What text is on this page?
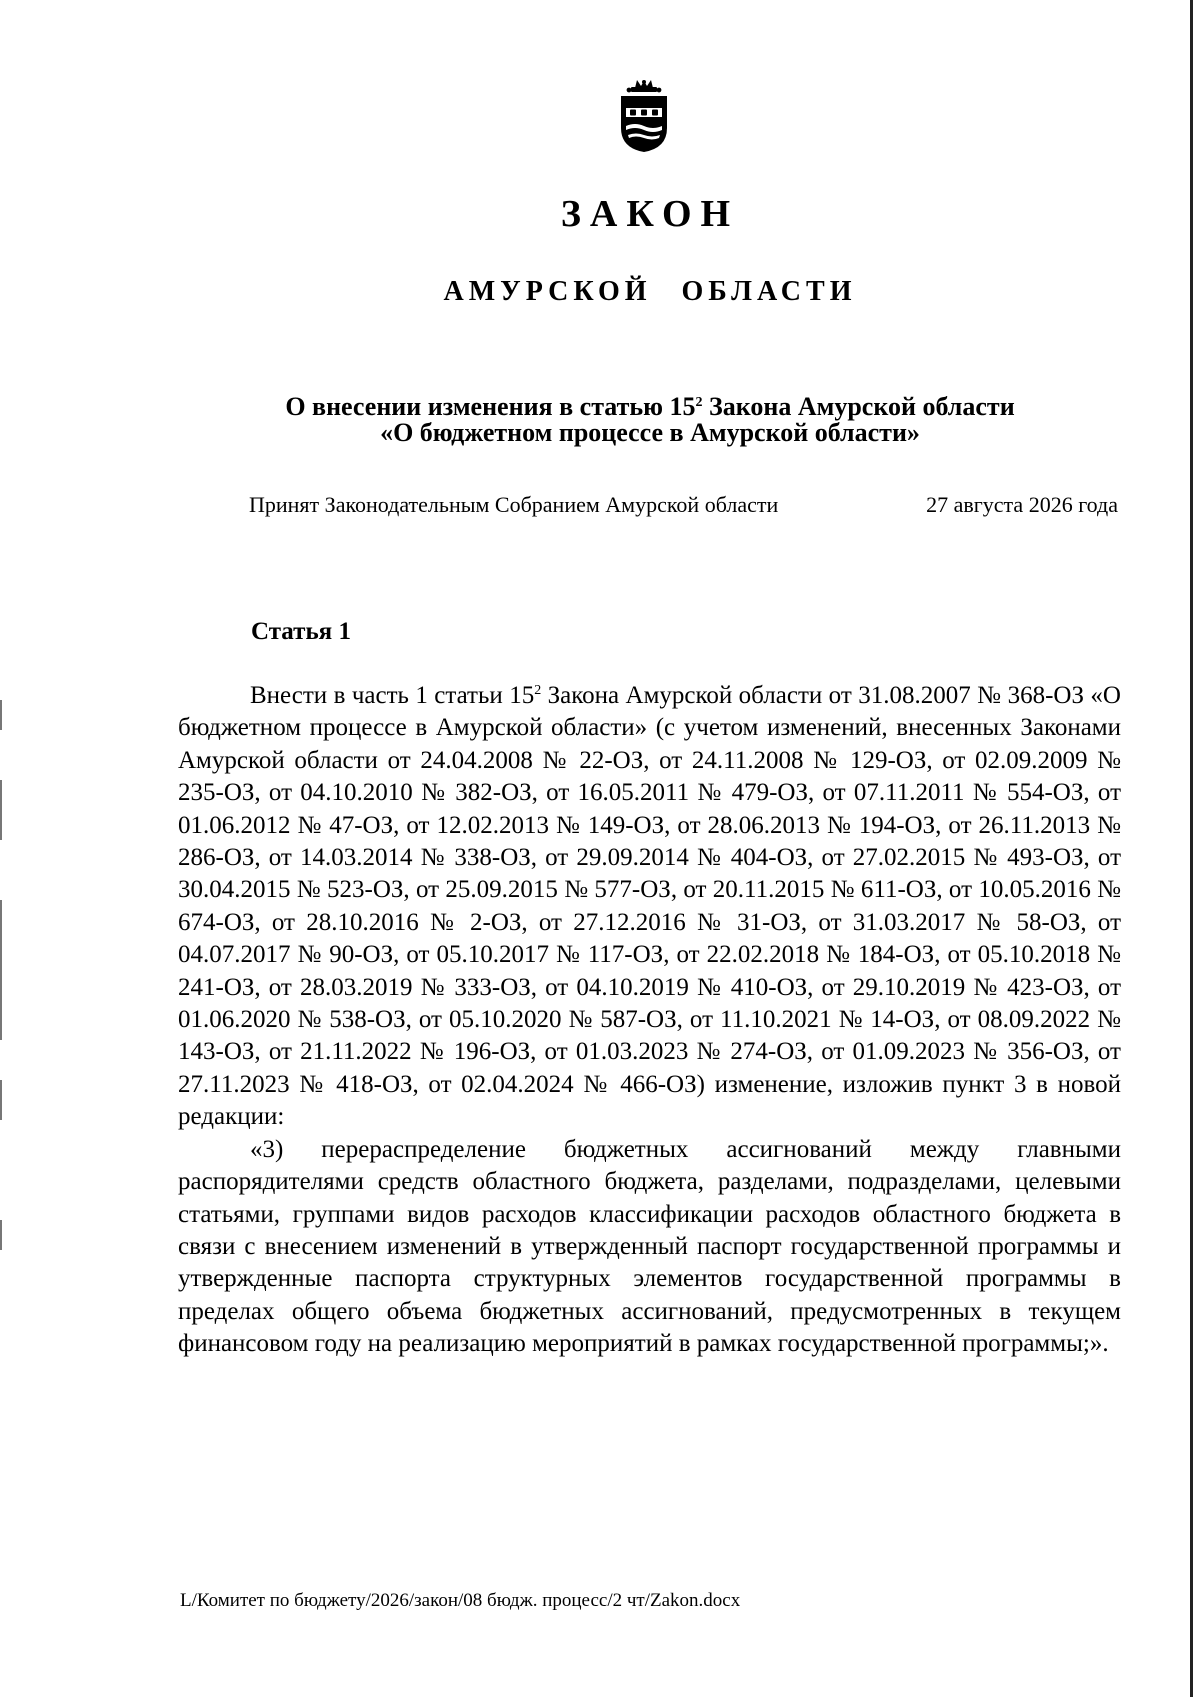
ЗАКОН
АМУРСКОЙ ОБЛАСТИ
О внесении изменения в статью $15^2$ Закона Амурской области
«О бюджетном процессе в Амурской области»
Принят Законодательным Собранием Амурской области	27 августа 2026 года
Статья 1

Внести в часть 1 статьи $15^2$ Закона Амурской области от 31.08.2007 № 368-ОЗ «О бюджетном процессе в Амурской области» (с учетом изменений, внесенных Законами Амурской области от 24.04.2008 № 22-ОЗ, от 24.11.2008 № 129-ОЗ, от 02.09.2009 № 235-ОЗ, от 04.10.2010 № 382-ОЗ, от 16.05.2011 № 479-ОЗ, от 07.11.2011 № 554-ОЗ, от 01.06.2012 № 47-ОЗ, от 12.02.2013 № 149-ОЗ, от 28.06.2013 № 194-ОЗ, от 26.11.2013 № 286-ОЗ, от 14.03.2014 № 338-ОЗ, от 29.09.2014 № 404-ОЗ, от 27.02.2015 № 493-ОЗ, от 30.04.2015 № 523-ОЗ, от 25.09.2015 № 577-ОЗ, от 20.11.2015 № 611-ОЗ, от 10.05.2016 № 674-ОЗ, от 28.10.2016 № 2-ОЗ, от 27.12.2016 № 31-ОЗ, от 31.03.2017 № 58-ОЗ, от 04.07.2017 № 90-ОЗ, от 05.10.2017 № 117-ОЗ, от 22.02.2018 № 184-ОЗ, от 05.10.2018 № 241-ОЗ, от 28.03.2019 № 333-ОЗ, от 04.10.2019 № 410-ОЗ, от 29.10.2019 № 423-ОЗ, от 01.06.2020 № 538-ОЗ, от 05.10.2020 № 587-ОЗ, от 11.10.2021 № 14-ОЗ, от 08.09.2022 № 143-ОЗ, от 21.11.2022 № 196-ОЗ, от 01.03.2023 № 274-ОЗ, от 01.09.2023 № 356-ОЗ, от 27.11.2023 № 418-ОЗ, от 02.04.2024 № 466-ОЗ) изменение, изложив пункт 3 в новой редакции:

«3) перераспределение бюджетных ассигнований между главными распорядителями средств областного бюджета, разделами, подразделами, целевыми статьями, группами видов расходов классификации расходов областного бюджета в связи с внесением изменений в утвержденный паспорт государственной программы и утвержденные паспорта структурных элементов государственной программы в пределах общего объема бюджетных ассигнований, предусмотренных в текущем финансовом году на реализацию мероприятий в рамках государственной программы;».

L/Комитет по бюджету/2026/закон/08 бюдж. процесс/2 чт/Zakon.docx
